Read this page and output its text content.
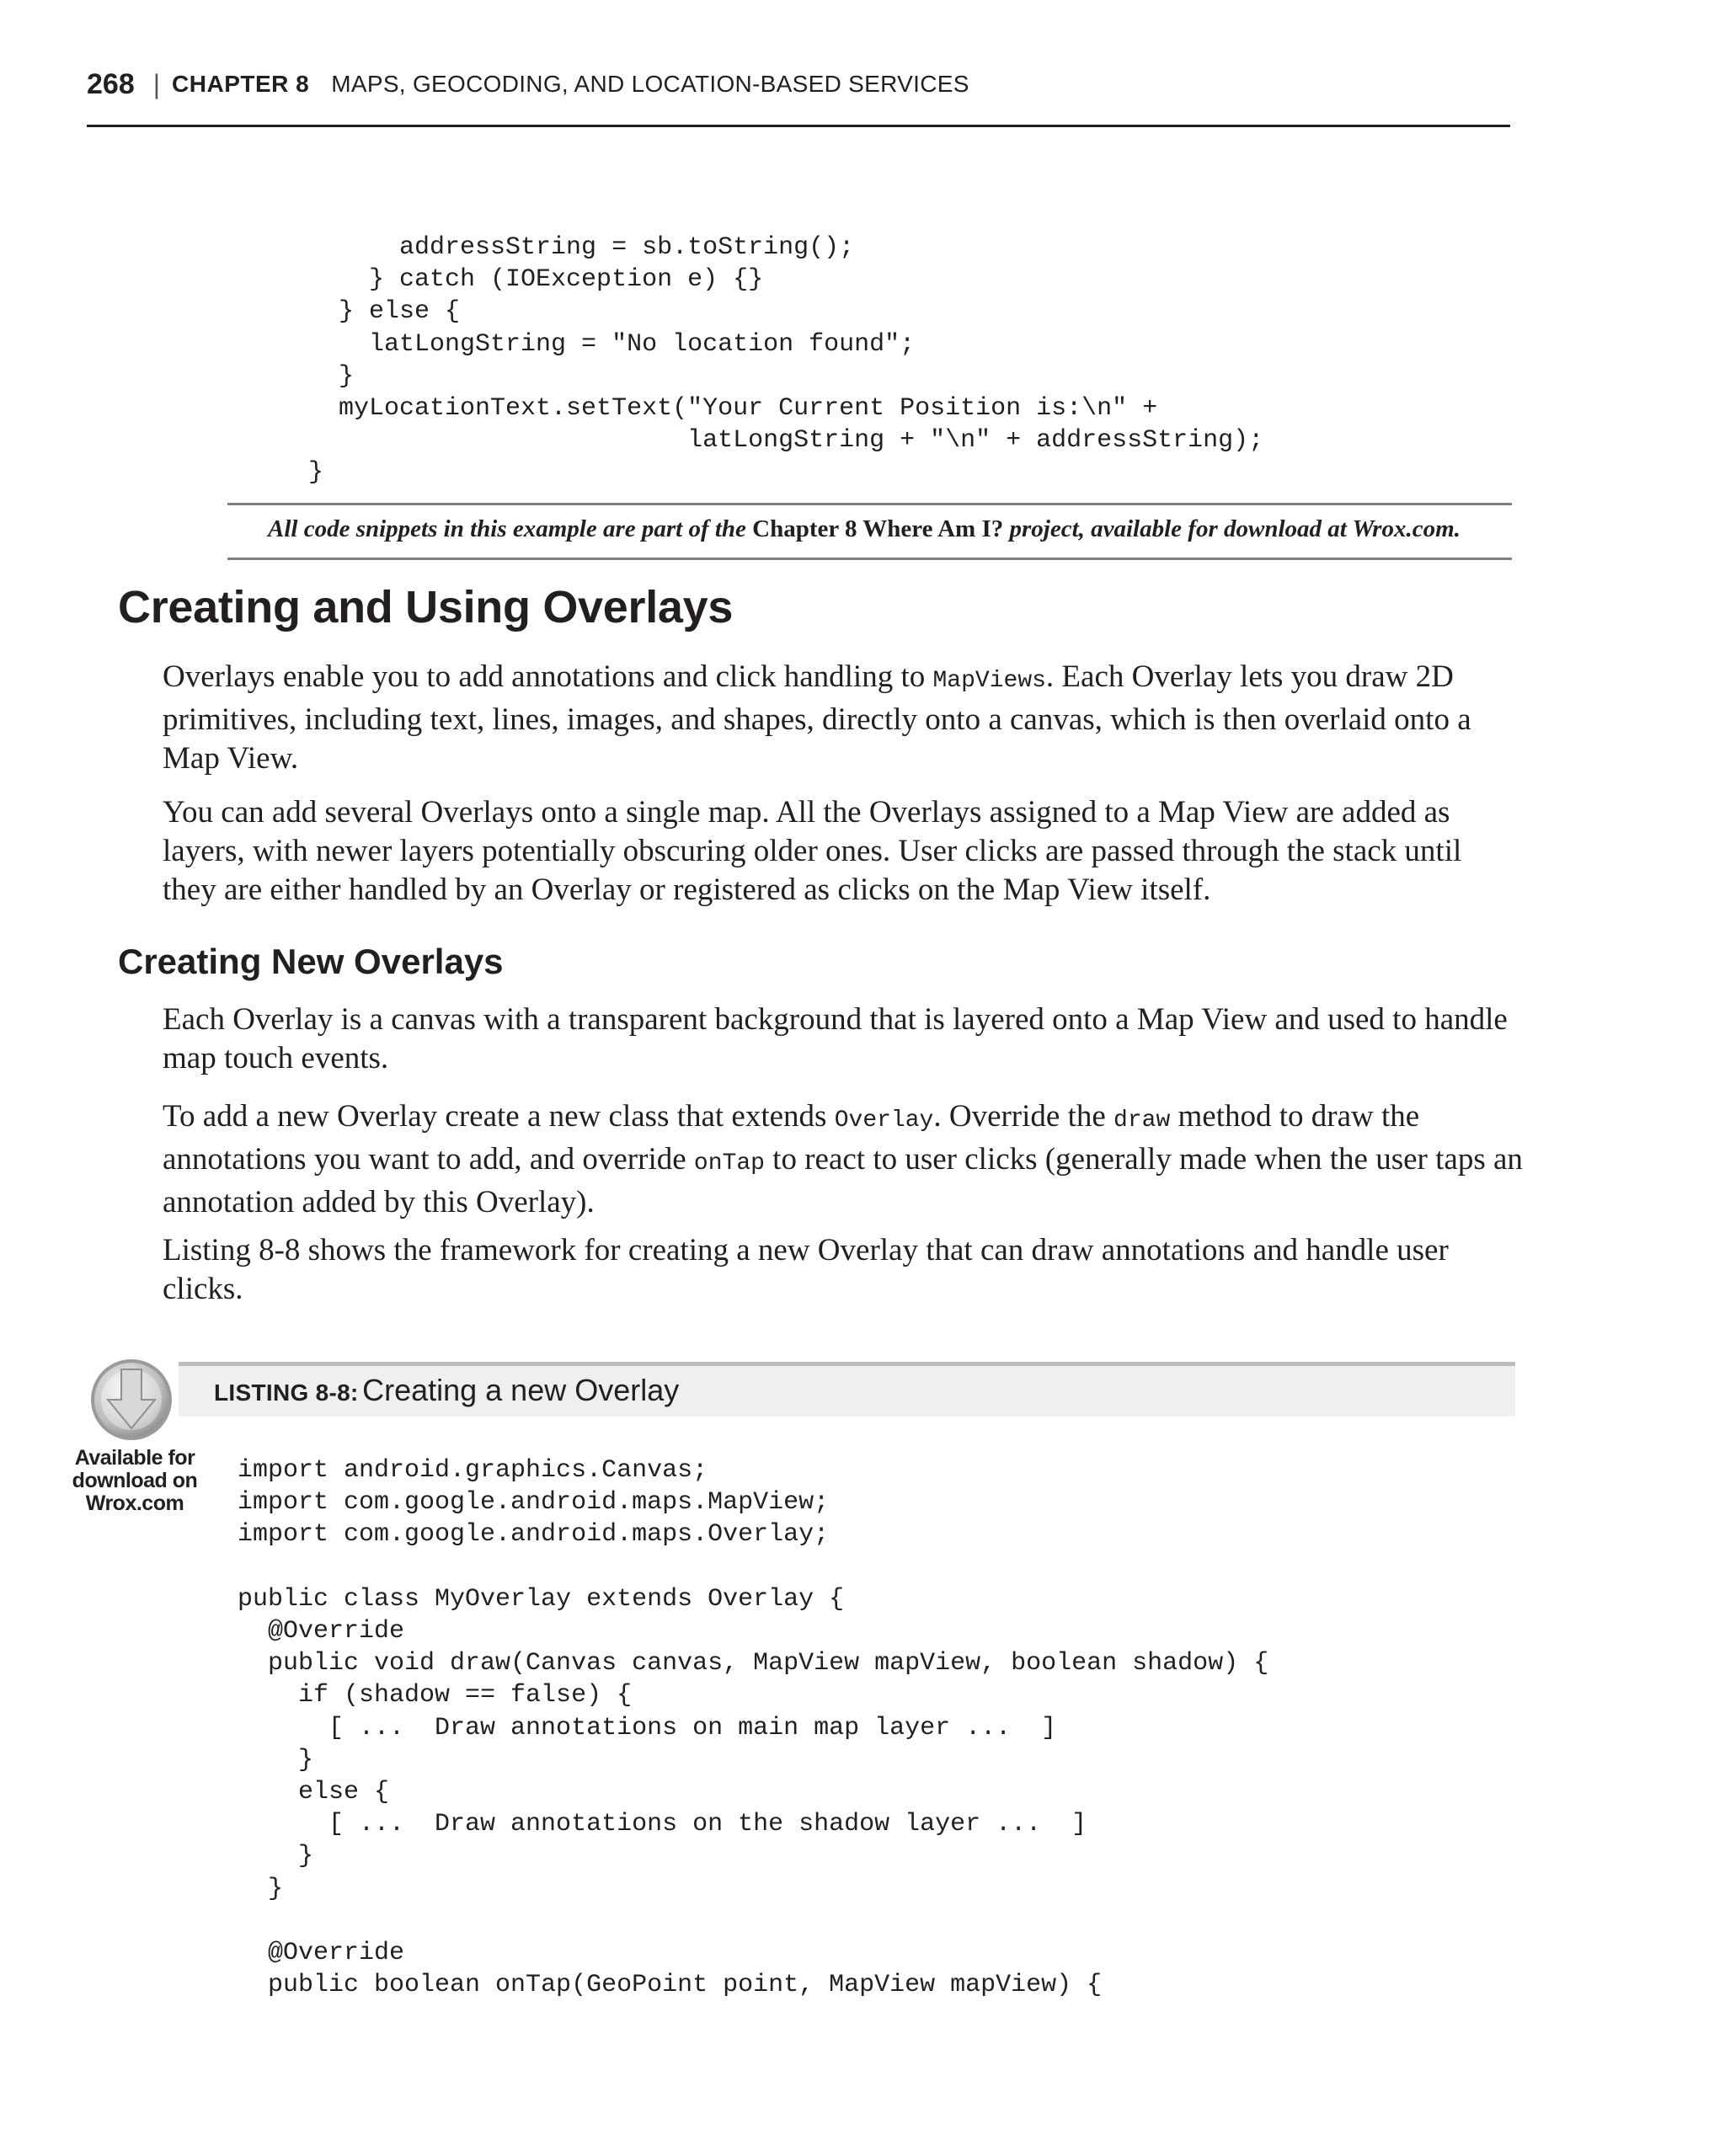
268 | CHAPTER 8 MAPS, GEOCODING, AND LOCATION-BASED SERVICES
addressString = sb.toString();
} catch (IOException e) {}
} else {
latLongString = "No location found";
}
myLocationText.setText("Your Current Position is:\n" +
latLongString + "\n" + addressString);
}
All code snippets in this example are part of the Chapter 8 Where Am I? project, available for download at Wrox.com.
Creating and Using Overlays

Overlays enable you to add annotations and click handling to MapViews. Each Overlay lets you draw 2D primitives, including text, lines, images, and shapes, directly onto a canvas, which is then overlaid onto a Map View.

You can add several Overlays onto a single map. All the Overlays assigned to a Map View are added as layers, with newer layers potentially obscuring older ones. User clicks are passed through the stack until they are either handled by an Overlay or registered as clicks on the Map View itself.

Creating New Overlays

Each Overlay is a canvas with a transparent background that is layered onto a Map View and used to handle map touch events.

To add a new Overlay create a new class that extends Overlay. Override the draw method to draw the annotations you want to add, and override onTap to react to user clicks (generally made when the user taps an annotation added by this Overlay).

Listing 8-8 shows the framework for creating a new Overlay that can draw annotations and handle user clicks.

LISTING 8-8: Creating a new Overlay
Available for
download on
Wrox.com
import android.graphics.Canvas;
import com.google.android.maps.MapView;
import com.google.android.maps.Overlay;

public class MyOverlay extends Overlay {
@Override
public void draw(Canvas canvas, MapView mapView, boolean shadow) {
if (shadow == false) {
[ ...  Draw annotations on main map layer ...  ]
}
else {
[ ...  Draw annotations on the shadow layer ...  ]
}
}

@Override
public boolean onTap(GeoPoint point, MapView mapView) {
